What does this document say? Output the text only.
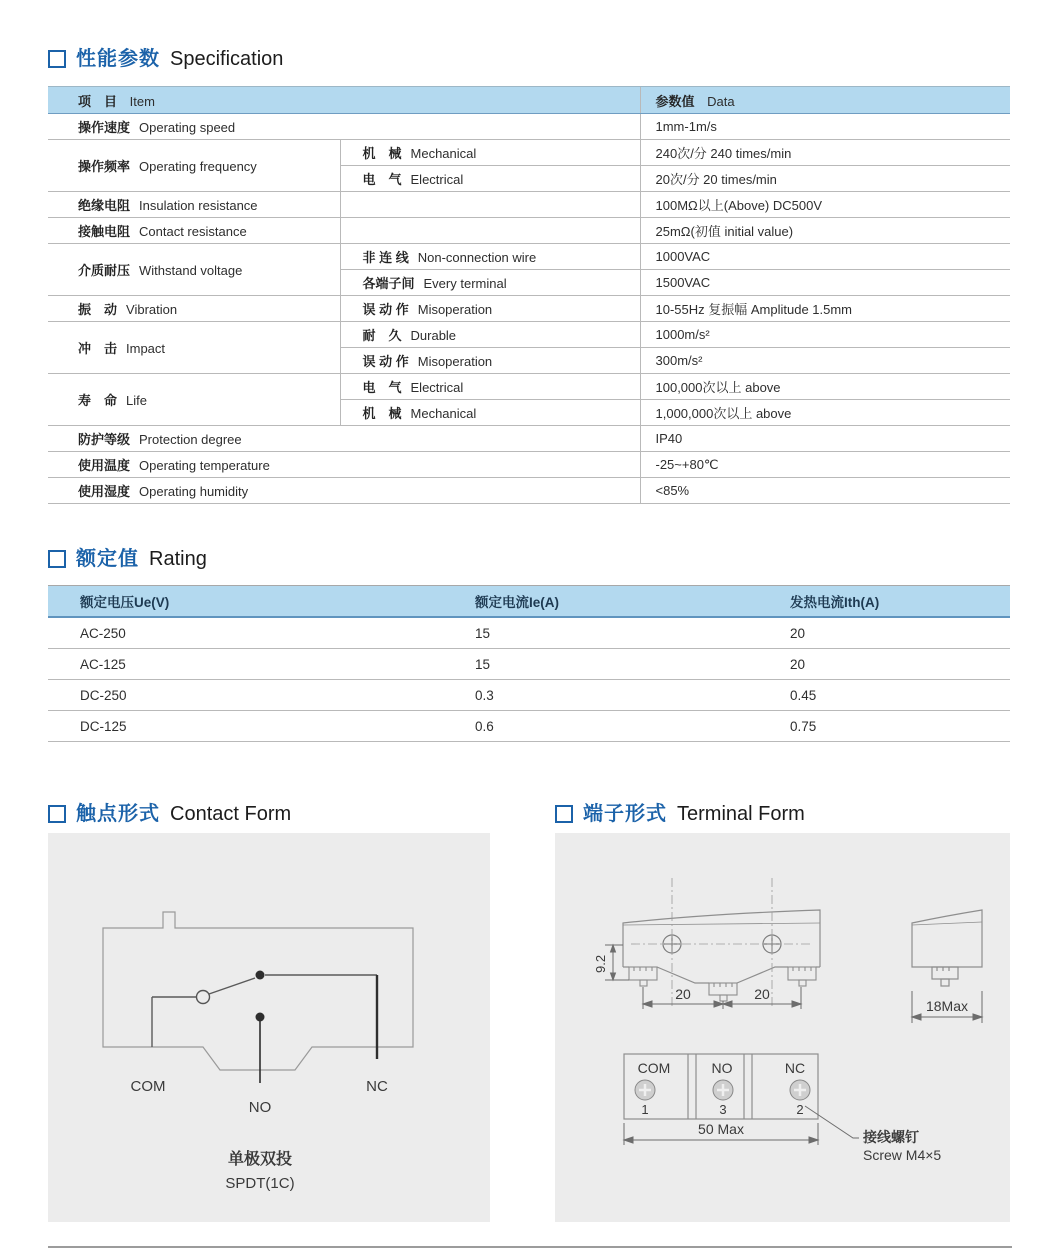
性能参数 Specification
项　目 Item		参数值 Data
操作速度 Operating speed		1mm-1m/s
操作频率 Operating frequency	机　械 Mechanical	240次/分 240 times/min
	电　气 Electrical	20次/分 20 times/min
绝缘电阻 Insulation resistance		100MΩ以上(Above) DC500V
接触电阻 Contact resistance		25mΩ(初值 initial value)
介质耐压 Withstand voltage	非 连 线 Non-connection wire	1000VAC
	各端子间 Every terminal	1500VAC
振　动 Vibration	误 动 作 Misoperation	10-55Hz 复振幅 Amplitude 1.5mm
冲　击 Impact	耐　久 Durable	1000m/s²
	误 动 作 Misoperation	300m/s²
寿　命 Life	电　气 Electrical	100,000次以上 above
	机　械 Mechanical	1,000,000次以上 above
防护等级 Protection degree		IP40
使用温度 Operating temperature		-25~+80℃
使用湿度 Operating humidity		<85%
额定值 Rating
额定电压Ue(V)	额定电流Ie(A)	发热电流Ith(A)
AC-250	15	20
AC-125	15	20
DC-250	0.3	0.45
DC-125	0.6	0.75
触点形式 Contact Form
COM
NO
NC
单极双投
SPDT(1C)
端子形式 Terminal Form
9.2
20	20
18Max
COM	NO	NC
1	3	2
50 Max	接线螺钉
Screw M4×5
